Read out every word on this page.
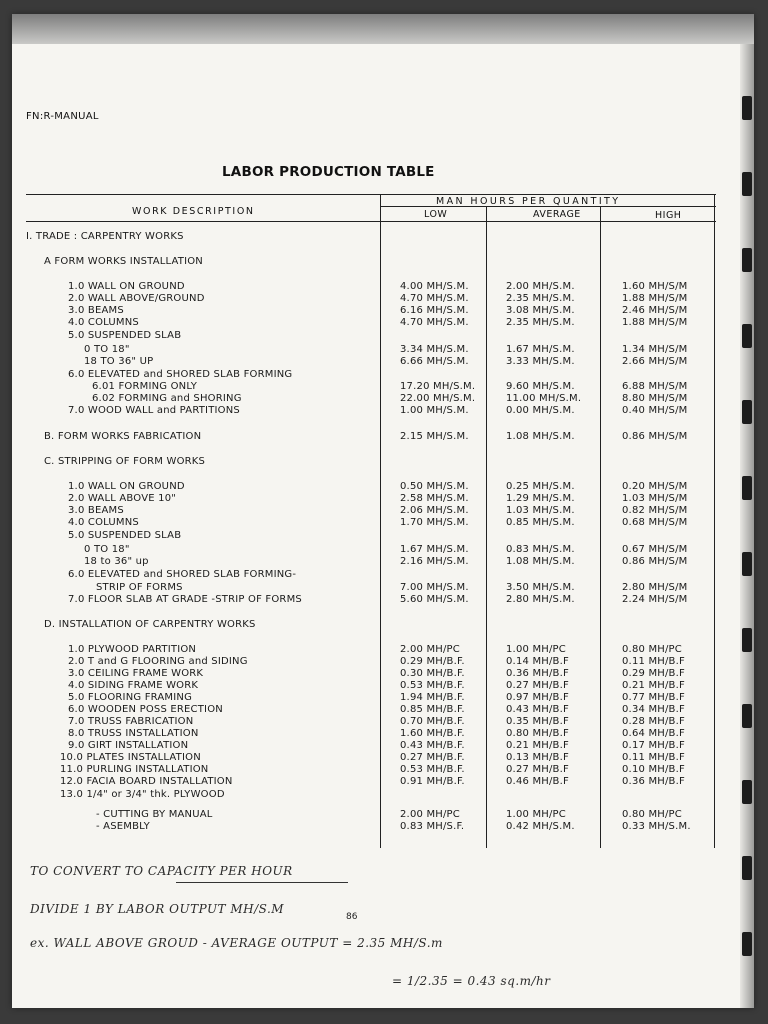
FN:R-MANUAL
LABOR PRODUCTION TABLE
WORK DESCRIPTION
MAN HOURS PER QUANTITY
LOW	AVERAGE	HIGH
I. TRADE : CARPENTRY WORKS
A FORM WORKS INSTALLATION
1.0 WALL ON GROUND	4.00 MH/S.M.	2.00 MH/S.M.	1.60 MH/S/M
2.0 WALL ABOVE/GROUND	4.70 MH/S.M.	2.35 MH/S.M.	1.88 MH/S/M
3.0 BEAMS	6.16 MH/S.M.	3.08 MH/S.M.	2.46 MH/S/M
4.0 COLUMNS	4.70 MH/S.M.	2.35 MH/S.M.	1.88 MH/S/M
5.0 SUSPENDED SLAB
0 TO 18"	3.34 MH/S.M.	1.67 MH/S.M.	1.34 MH/S/M
18 TO 36" UP	6.66 MH/S.M.	3.33 MH/S.M.	2.66 MH/S/M
6.0 ELEVATED and SHORED SLAB FORMING
6.01 FORMING ONLY	17.20 MH/S.M.	9.60 MH/S.M.	6.88 MH/S/M
6.02 FORMING and SHORING	22.00 MH/S.M.	11.00 MH/S.M.	8.80 MH/S/M
7.0 WOOD WALL and PARTITIONS	1.00 MH/S.M.	0.00 MH/S.M.	0.40 MH/S/M
B. FORM WORKS FABRICATION	2.15 MH/S.M.	1.08 MH/S.M.	0.86 MH/S/M
C. STRIPPING OF FORM WORKS
1.0 WALL ON GROUND	0.50 MH/S.M.	0.25 MH/S.M.	0.20 MH/S/M
2.0 WALL ABOVE 10"	2.58 MH/S.M.	1.29 MH/S.M.	1.03 MH/S/M
3.0 BEAMS	2.06 MH/S.M.	1.03 MH/S.M.	0.82 MH/S/M
4.0 COLUMNS	1.70 MH/S.M.	0.85 MH/S.M.	0.68 MH/S/M
5.0 SUSPENDED SLAB
0 TO 18"	1.67 MH/S.M.	0.83 MH/S.M.	0.67 MH/S/M
18 to 36" up	2.16 MH/S.M.	1.08 MH/S.M.	0.86 MH/S/M
6.0 ELEVATED and SHORED SLAB FORMING-
STRIP OF FORMS	7.00 MH/S.M.	3.50 MH/S.M.	2.80 MH/S/M
7.0 FLOOR SLAB AT GRADE -STRIP OF FORMS	5.60 MH/S.M.	2.80 MH/S.M.	2.24 MH/S/M
D. INSTALLATION OF CARPENTRY WORKS
1.0 PLYWOOD PARTITION	2.00 MH/PC	1.00 MH/PC	0.80 MH/PC
2.0 T and G FLOORING and SIDING	0.29 MH/B.F.	0.14 MH/B.F	0.11 MH/B.F
3.0 CEILING FRAME WORK	0.30 MH/B.F.	0.36 MH/B.F	0.29 MH/B.F
4.0 SIDING FRAME WORK	0.53 MH/B.F.	0.27 MH/B.F	0.21 MH/B.F
5.0 FLOORING FRAMING	1.94 MH/B.F.	0.97 MH/B.F	0.77 MH/B.F
6.0 WOODEN POSS ERECTION	0.85 MH/B.F.	0.43 MH/B.F	0.34 MH/B.F
7.0 TRUSS FABRICATION	0.70 MH/B.F.	0.35 MH/B.F	0.28 MH/B.F
8.0 TRUSS INSTALLATION	1.60 MH/B.F.	0.80 MH/B.F	0.64 MH/B.F
9.0 GIRT INSTALLATION	0.43 MH/B.F.	0.21 MH/B.F	0.17 MH/B.F
10.0 PLATES INSTALLATION	0.27 MH/B.F.	0.13 MH/B.F	0.11 MH/B.F
11.0 PURLING INSTALLATION	0.53 MH/B.F.	0.27 MH/B.F	0.10 MH/B.F
12.0 FACIA BOARD INSTALLATION	0.91 MH/B.F.	0.46 MH/B.F	0.36 MH/B.F
13.0 1/4" or 3/4" thk. PLYWOOD
- CUTTING BY MANUAL	2.00 MH/PC	1.00 MH/PC	0.80 MH/PC
- ASEMBLY	0.83 MH/S.F.	0.42 MH/S.M.	0.33 MH/S.M.
TO CONVERT TO CAPACITY PER HOUR
DIVIDE 1 BY LABOR OUTPUT MH/S.M
86
ex. WALL ABOVE GROUD - AVERAGE OUTPUT = 2.35 MH/S.m
= 1/2.35 = 0.43 sq.m/hr
